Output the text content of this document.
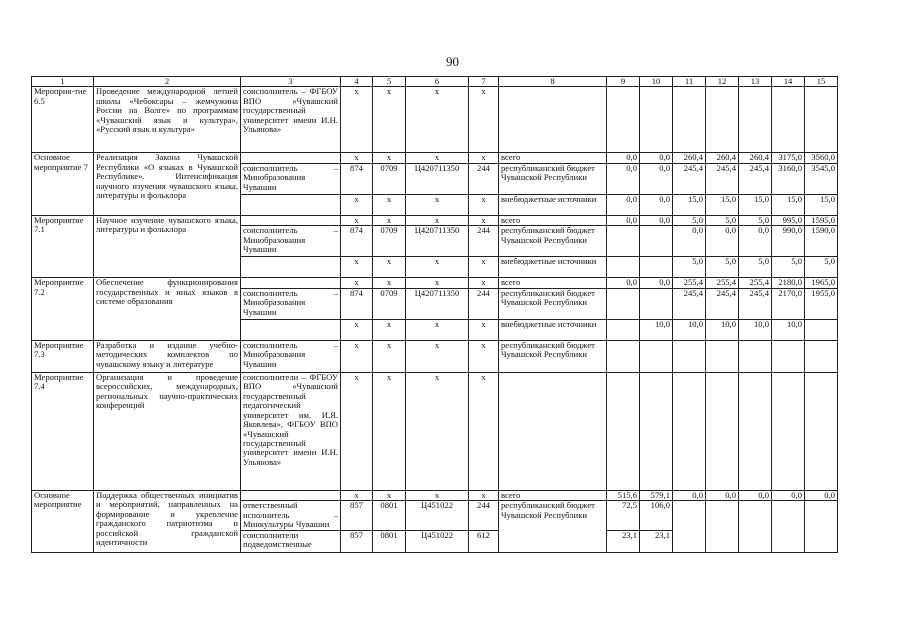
90
1	2	3	4	5	6	7	8	9	10	11	12	13	14	15
Мероприя-тие 6.5	Проведение международной летней школы «Чебоксары – жемчужина России на Волге» по программам «Чувашский язык и культура», «Русский язык и культура»	соисполнитель – ФГБОУ ВПО «Чувашский государственный университет имени И.Н. Ульянова»	х	х	х	х								
Основное мероприятие 7	Реализация Закона Чувашской Республики «О языках в Чувашской Республике». Интенсификация научного изучения чувашского языка, литературы и фольклора		х	х	х	х	всего	0,0	0,0	260,4	260,4	260,4	3175,0	3560,0
		соисполнитель – Минобразования Чувашии	874	0709	Ц420711350	244	республиканский бюджет Чувашской Республики	0,0	0,0	245,4	245,4	245,4	3160,0	3545,0
			х	х	х	х	внебюджетные источники	0,0	0,0	15,0	15,0	15,0	15,0	15,0
Мероприятие 7.1	Научное изучение чувашского языка, литературы и фольклора		х	х	х	х	всего	0,0	0,0	5,0	5,0	5,0	995,0	1595,0
		соисполнитель – Минобразования Чувашии	874	0709	Ц420711350	244	республиканский бюджет Чувашской Республики			0,0	0,0	0,0	990,0	1590,0
			х	х	х	х	внебюджетные источники			5,0	5,0	5,0	5,0	5,0
Мероприятие 7.2	Обеспечение функционирования государственных и иных языков в системе образования		х	х	х	х	всего	0,0	0,0	255,4	255,4	255,4	2180,0	1965,0
		соисполнитель – Минобразования Чувашии	874	0709	Ц420711350	244	республиканский бюджет Чувашской Республики			245,4	245,4	245,4	2170,0	1955,0
			х	х	х	х	внебюджетные источники		10,0	10,0	10,0	10,0	10,0	
Мероприятие 7.3	Разработка и издание учебно-методических комплектов по чувашскому языку и литературе	соисполнитель – Минобразования Чувашии	х	х	х	х	республиканский бюджет Чувашской Республики							
Мероприятие 7.4	Организация и проведение всероссийских, международных, региональных научно-практических конференций	соисполнители – ФГБОУ ВПО «Чувашский государственный педагогический университет им. И.Я. Яковлева», ФГБОУ ВПО «Чувашский государственный университет имени И.Н. Ульянова»	х	х	х	х								
Основное мероприятие	Поддержка общественных инициатив и мероприятий, направленных на формирование и укрепление гражданского патриотизма и российской гражданской идентичности		х	х	х	х	всего	515,6	579,1	0,0	0,0	0,0	0,0	0,0
		ответственный исполнитель – Минкультуры Чувашии	857	0801	Ц451022	244	республиканский бюджет Чувашской Республики	72,5	106,0					
		соисполнители подведомственные	857	0801	Ц451022	612		23,1	23,1					
